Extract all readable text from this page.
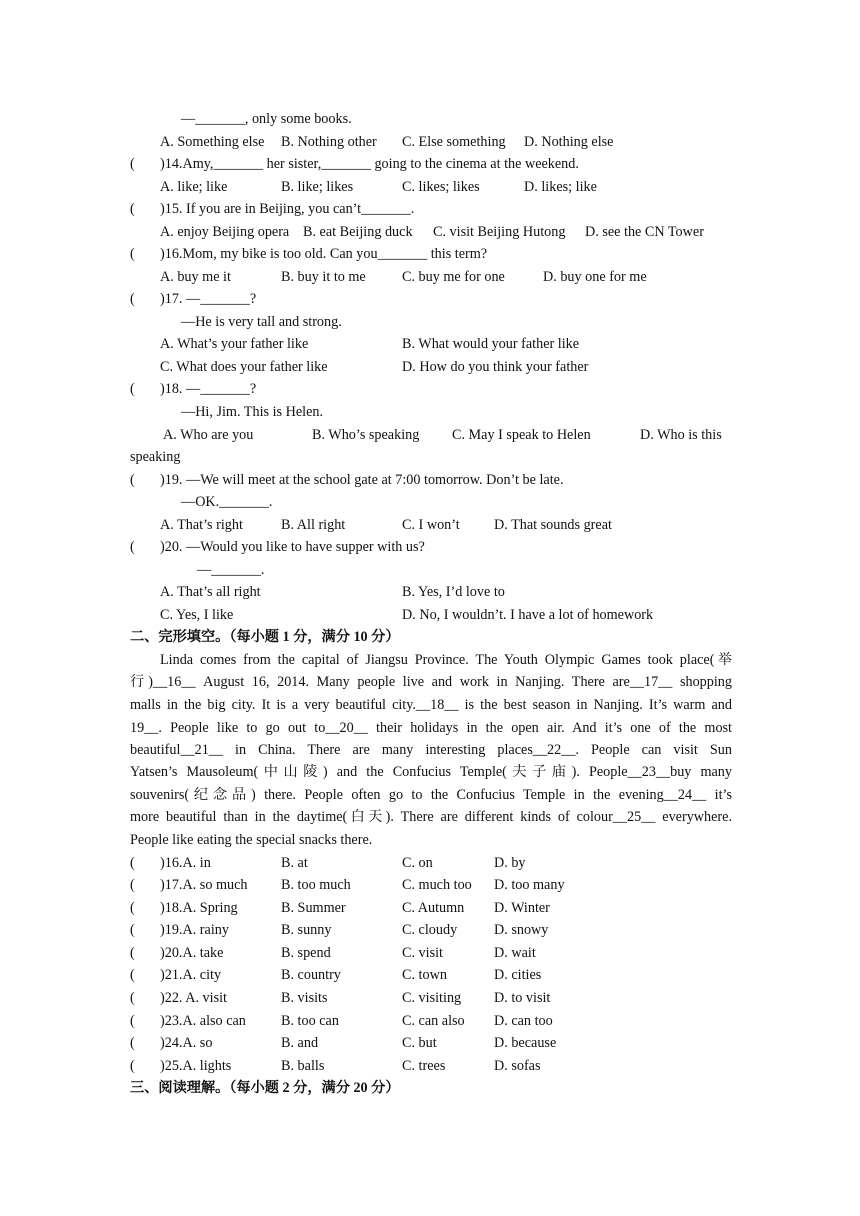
—_______, only some books.
A. Something else B. Nothing other C. Else something D. Nothing else
( )14.Amy,_______ her sister,_______ going to the cinema at the weekend.
A. like; like	B. like; likes	C. likes; likes	D. likes; like
( )15. If you are in Beijing, you can’t_______.
A. enjoy Beijing opera B. eat Beijing duck C. visit Beijing Hutong D. see the CN Tower
( )16.Mom, my bike is too old. Can you_______ this term?
A. buy me it	B. buy it to me	C. buy me for one	D. buy one for me
( )17. —_______?
—He is very tall and strong.
A. What’s your father like	B. What would your father like
C. What does your father like	D. How do you think your father
( )18. —_______?
—Hi, Jim. This is Helen.
A. Who are you	B. Who’s speaking C. May I speak to Helen	D. Who is this
speaking
( )19. —We will meet at the school gate at 7:00 tomorrow. Don’t be late.
—OK._______.
A. That’s right	B. All right	C. I won’t D. That sounds great
( )20. —Would you like to have supper with us?
—_______.
A. That’s all right	B. Yes, I’d love to
C. Yes, I like	D. No, I wouldn’t. I have a lot of homework
二、完形填空。（每小题 1 分，满分 10 分）
Linda comes from the capital of Jiangsu Province. The Youth Olympic Games took place(举
行)__16__ August 16, 2014. Many people live and work in Nanjing. There are__17__ shopping
malls in the big city. It is a very beautiful city.__18__ is the best season in Nanjing. It’s warm and
19__. People like to go out to__20__ their holidays in the open air. And it’s one of the most
beautiful__21__ in China. There are many interesting places__22__. People can visit Sun
Yatsen’s Mausoleum(中山陵) and the Confucius Temple(夫子庙). People__23__buy many
souvenirs(纪念品) there. People often go to the Confucius Temple in the evening__24__ it’s
more beautiful than in the daytime(白天). There are different kinds of colour__25__ everywhere.
People like eating the special snacks there.
( )16.A. in	B. at	C. on	D. by
( )17.A. so much B. too much	C. much too D. too many
( )18.A. Spring	B. Summer	C. Autumn D. Winter
( )19.A. rainy	B. sunny	C. cloudy	D. snowy
( )20.A. take	B. spend	C. visit	D. wait
( )21.A. city	B. country	C. town	D. cities
( )22. A. visit	B. visits	C. visiting D. to visit
( )23.A. also can B. too can	C. can also D. can too
( )24.A. so	B. and	C. but	D. because
( )25.A. lights	B. balls	C. trees	D. sofas
三、阅读理解。（每小题 2 分，满分 20 分）
